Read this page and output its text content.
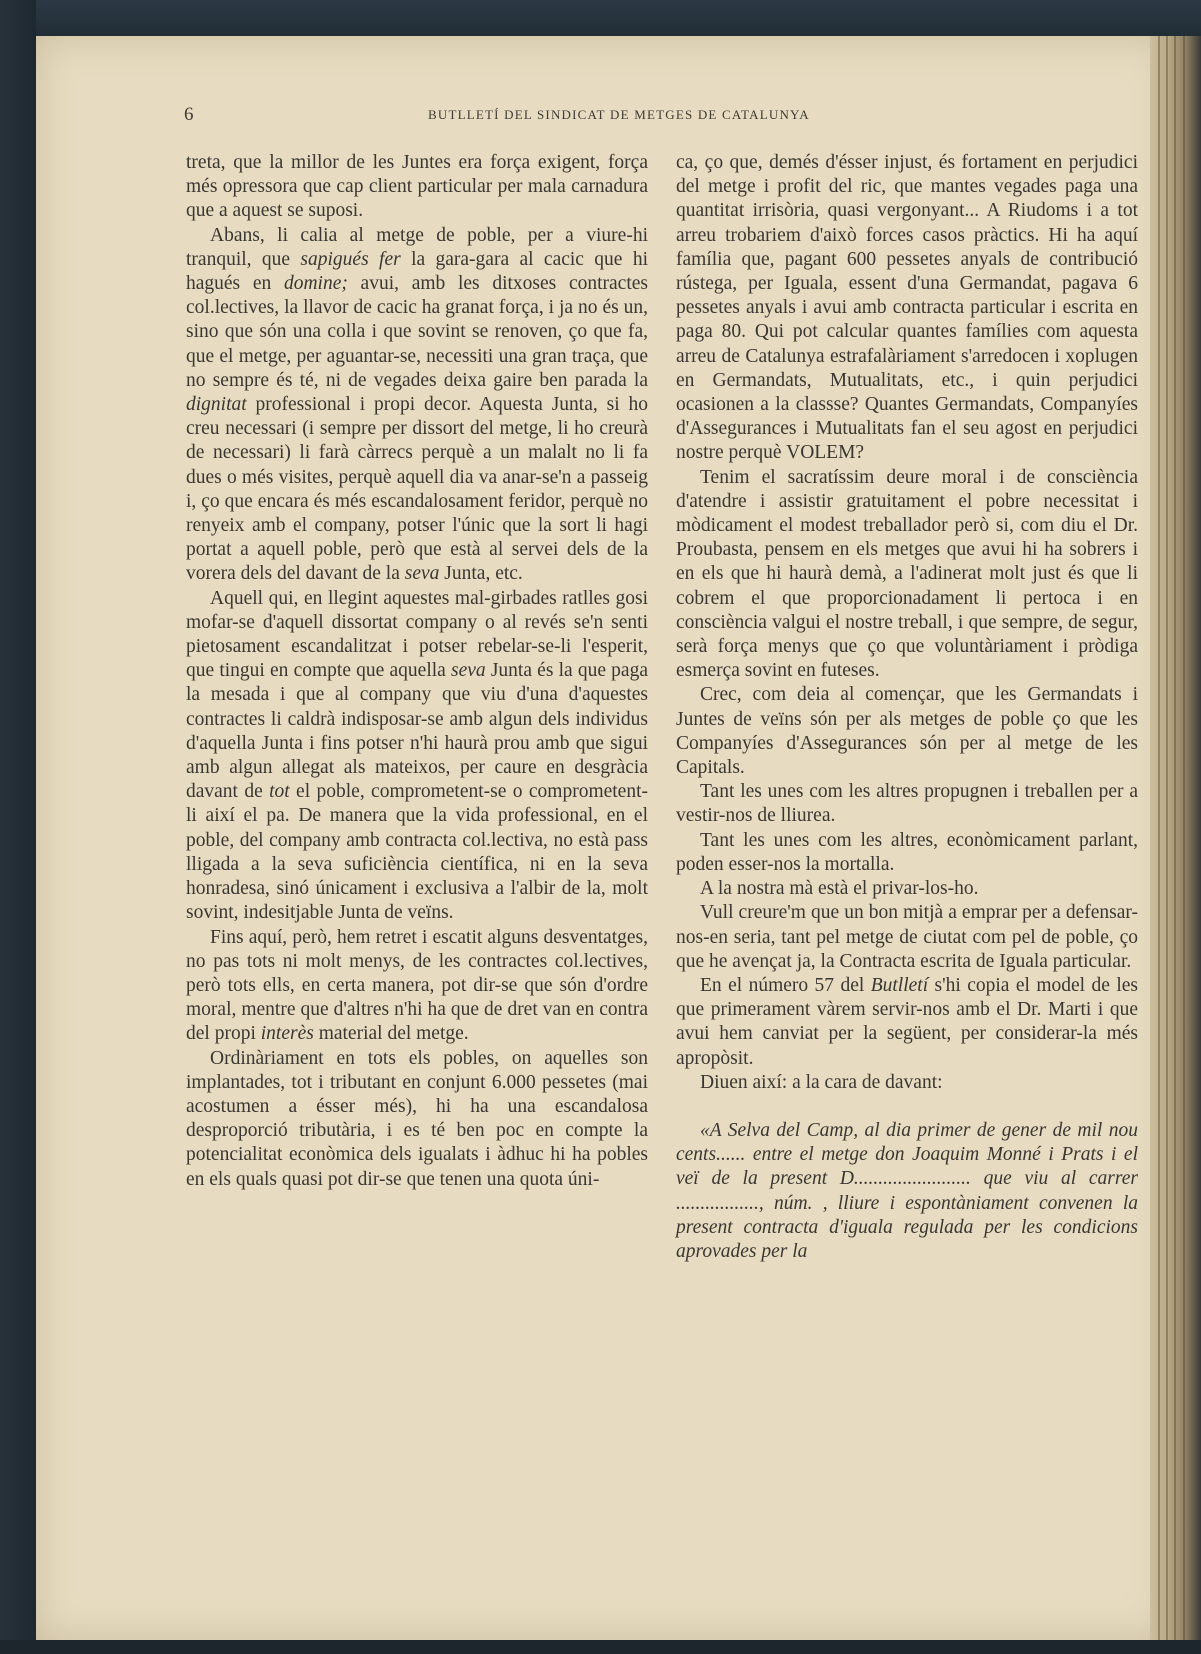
6	BUTLLETÍ DEL SINDICAT DE METGES DE CATALUNYA

treta, que la millor de les Juntes era força exigent, força més opressora que cap client particular per mala carnadura que a aquest se suposi.

Abans, li calia al metge de poble, per a viure-hi tranquil, que sapigués fer la gara-gara al cacic que hi hagués en domine; avui, amb les ditxoses contractes col.lectives, la llavor de cacic ha granat força, i ja no és un, sino que són una colla i que sovint se renoven, ço que fa, que el metge, per aguantar-se, necessiti una gran traça, que no sempre és té, ni de vegades deixa gaire ben parada la dignitat professional i propi decor. Aquesta Junta, si ho creu necessari (i sempre per dissort del metge, li ho creurà de necessari) li farà càrrecs perquè a un malalt no li fa dues o més visites, perquè aquell dia va anar-se'n a passeig i, ço que encara és més escandalosament feridor, perquè no renyeix amb el company, potser l'únic que la sort li hagi portat a aquell poble, però que està al servei dels de la vorera dels del davant de la seva Junta, etc.

Aquell qui, en llegint aquestes mal-girbades ratlles gosi mofar-se d'aquell dissortat company o al revés se'n senti pietosament escandalitzat i potser rebelar-se-li l'esperit, que tingui en compte que aquella seva Junta és la que paga la mesada i que al company que viu d'una d'aquestes contractes li caldrà indisposar-se amb algun dels individus d'aquella Junta i fins potser n'hi haurà prou amb que sigui amb algun allegat als mateixos, per caure en desgràcia davant de tot el poble, comprometent-se o comprometent-li així el pa. De manera que la vida professional, en el poble, del company amb contracta col.lectiva, no està pass lligada a la seva suficiència científica, ni en la seva honradesa, sinó únicament i exclusiva a l'albir de la, molt sovint, indesitjable Junta de veïns.

Fins aquí, però, hem retret i escatit alguns desventatges, no pas tots ni molt menys, de les contractes col.lectives, però tots ells, en certa manera, pot dir-se que són d'ordre moral, mentre que d'altres n'hi ha que de dret van en contra del propi interès material del metge.

Ordinàriament en tots els pobles, on aquelles son implantades, tot i tributant en conjunt 6.000 pessetes (mai acostumen a ésser més), hi ha una escandalosa desproporció tributària, i es té ben poc en compte la potencialitat econòmica dels igualats i àdhuc hi ha pobles en els quals quasi pot dir-se que tenen una quota úni-

ca, ço que, demés d'ésser injust, és fortament en perjudici del metge i profit del ric, que mantes vegades paga una quantitat irrisòria, quasi vergonyant... A Riudoms i a tot arreu trobariem d'això forces casos pràctics. Hi ha aquí família que, pagant 600 pessetes anyals de contribució rústega, per Iguala, essent d'una Germandat, pagava 6 pessetes anyals i avui amb contracta particular i escrita en paga 80. Qui pot calcular quantes famílies com aquesta arreu de Catalunya estrafalàriament s'arredocen i xoplugen en Germandats, Mutualitats, etc., i quin perjudici ocasionen a la classse? Quantes Germandats, Companyíes d'Assegurances i Mutualitats fan el seu agost en perjudici nostre perquè VOLEM?

Tenim el sacratíssim deure moral i de consciència d'atendre i assistir gratuitament el pobre necessitat i mòdicament el modest treballador però si, com diu el Dr. Proubasta, pensem en els metges que avui hi ha sobrers i en els que hi haurà demà, a l'adinerat molt just és que li cobrem el que proporcionadament li pertoca i en consciència valgui el nostre treball, i que sempre, de segur, serà força menys que ço que voluntàriament i pròdiga esmerça sovint en futeses.

Crec, com deia al començar, que les Germandats i Juntes de veïns són per als metges de poble ço que les Companyíes d'Assegurances són per al metge de les Capitals.

Tant les unes com les altres propugnen i treballen per a vestir-nos de lliurea.

Tant les unes com les altres, econòmicament parlant, poden esser-nos la mortalla.

A la nostra mà està el privar-los-ho.

Vull creure'm que un bon mitjà a emprar per a defensar-nos-en seria, tant pel metge de ciutat com pel de poble, ço que he avençat ja, la Contracta escrita de Iguala particular.

En el número 57 del Butlletí s'hi copia el model de les que primerament vàrem servir-nos amb el Dr. Marti i que avui hem canviat per la següent, per considerar-la més apropòsit.

Diuen així: a la cara de davant:

«A Selva del Camp, al dia primer de gener de mil nou cents...... entre el metge don Joaquim Monné i Prats i el veï de la present D........................ que viu al carrer ................., núm. , lliure i espontàniament convenen la present contracta d'iguala regulada per les condicions aprovades per la
